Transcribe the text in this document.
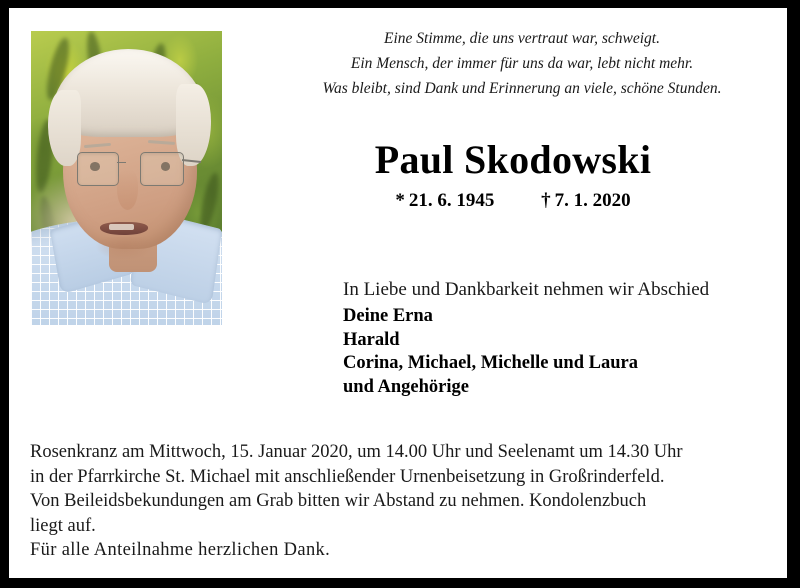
Eine Stimme, die uns vertraut war, schweigt.
Ein Mensch, der immer für uns da war, lebt nicht mehr.
Was bleibt, sind Dank und Erinnerung an viele, schöne Stunden.
Paul Skodowski
* 21. 6. 1945 † 7. 1. 2020
In Liebe und Dankbarkeit nehmen wir Abschied
Deine Erna
Harald
Corina, Michael, Michelle und Laura
und Angehörige
Rosenkranz am Mittwoch, 15. Januar 2020, um 14.00 Uhr und Seelenamt um 14.30 Uhr
in der Pfarrkirche St. Michael mit anschließender Urnenbeisetzung in Großrinderfeld.
Von Beileidsbekundungen am Grab bitten wir Abstand zu nehmen. Kondolenzbuch
liegt auf.
Für alle Anteilnahme herzlichen Dank.
